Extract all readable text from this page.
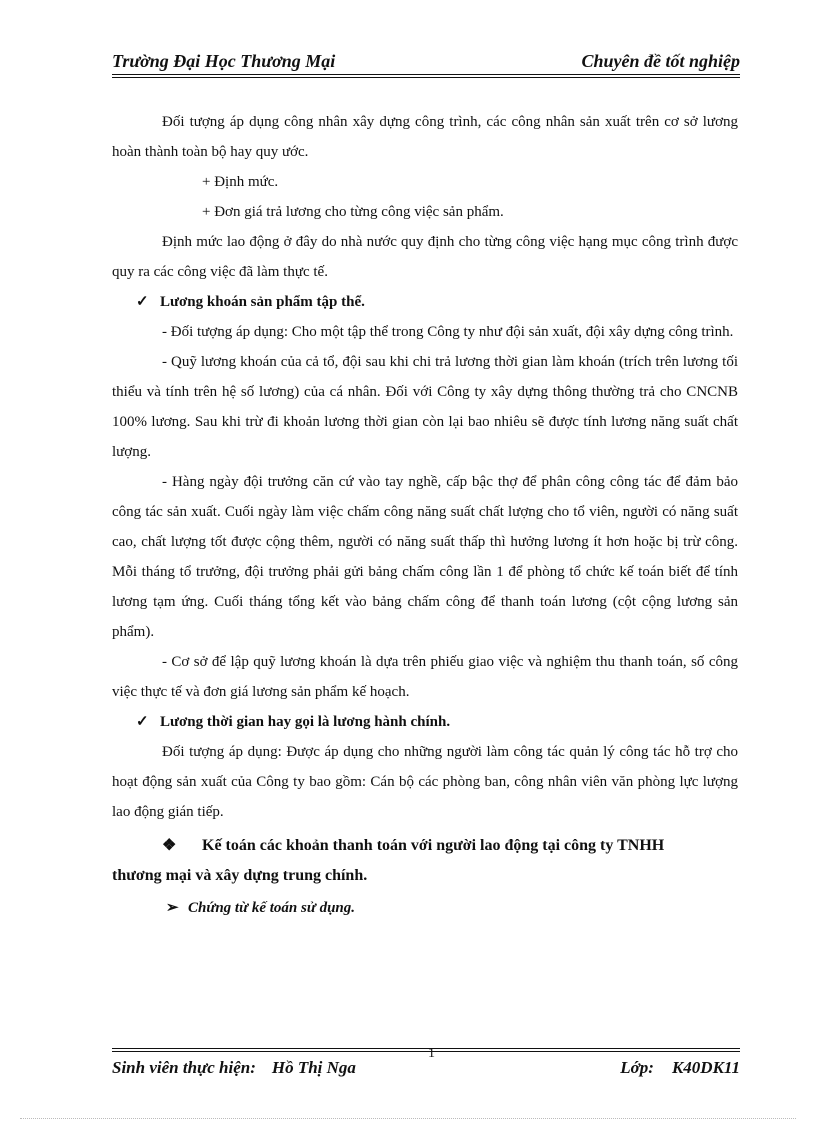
Trường Đại Học Thương Mại	Chuyên đề tốt nghiệp

Đối tượng áp dụng công nhân xây dựng công trình, các công nhân sản xuất trên cơ sở lương hoàn thành toàn bộ hay quy ước.

+ Định mức.

+ Đơn giá trả lương cho từng công việc sản phẩm.

Định mức lao động ở đây do nhà nước quy định cho từng công việc hạng mục công trình được quy ra các công việc đã làm thực tế.

✓ Lương khoán sản phẩm tập thể.

- Đối tượng áp dụng: Cho một tập thể trong Công ty như đội sản xuất, đội xây dựng công trình.

- Quỹ lương khoán của cả tổ, đội sau khi chi trả lương thời gian làm khoán (trích trên lương tối thiểu và tính trên hệ số lương) của cá nhân. Đối với Công ty xây dựng thông thường trả cho CNCNB 100% lương. Sau khi trừ đi khoản lương thời gian còn lại bao nhiêu sẽ được tính lương năng suất chất lượng.

- Hàng ngày đội trưởng căn cứ vào tay nghề, cấp bậc thợ để phân công công tác để đảm bảo công tác sản xuất. Cuối ngày làm việc chấm công năng suất chất lượng cho tổ viên, người có năng suất cao, chất lượng tốt được cộng thêm, người có năng suất thấp thì hưởng lương ít hơn hoặc bị trừ công. Mỗi tháng tổ trưởng, đội trưởng phải gửi bảng chấm công lần 1 để phòng tổ chức kế toán biết để tính lương tạm ứng. Cuối tháng tổng kết vào bảng chấm công để thanh toán lương (cột cộng lương sản phẩm).

- Cơ sở để lập quỹ lương khoán là dựa trên phiếu giao việc và nghiệm thu thanh toán, số công việc thực tế và đơn giá lương sản phẩm kế hoạch.

✓ Lương thời gian hay gọi là lương hành chính.

Đối tượng áp dụng: Được áp dụng cho những người làm công tác quản lý công tác hỗ trợ cho hoạt động sản xuất của Công ty bao gồm: Cán bộ các phòng ban, công nhân viên văn phòng lực lượng lao động gián tiếp.

❖	Kế toán các khoản thanh toán với người lao động tại công ty TNHH

thương mại và xây dựng trung chính.

➢ Chứng từ kế toán sử dụng.
Sinh viên thực hiện: Hồ Thị Nga
1
Lớp: K40DK11
